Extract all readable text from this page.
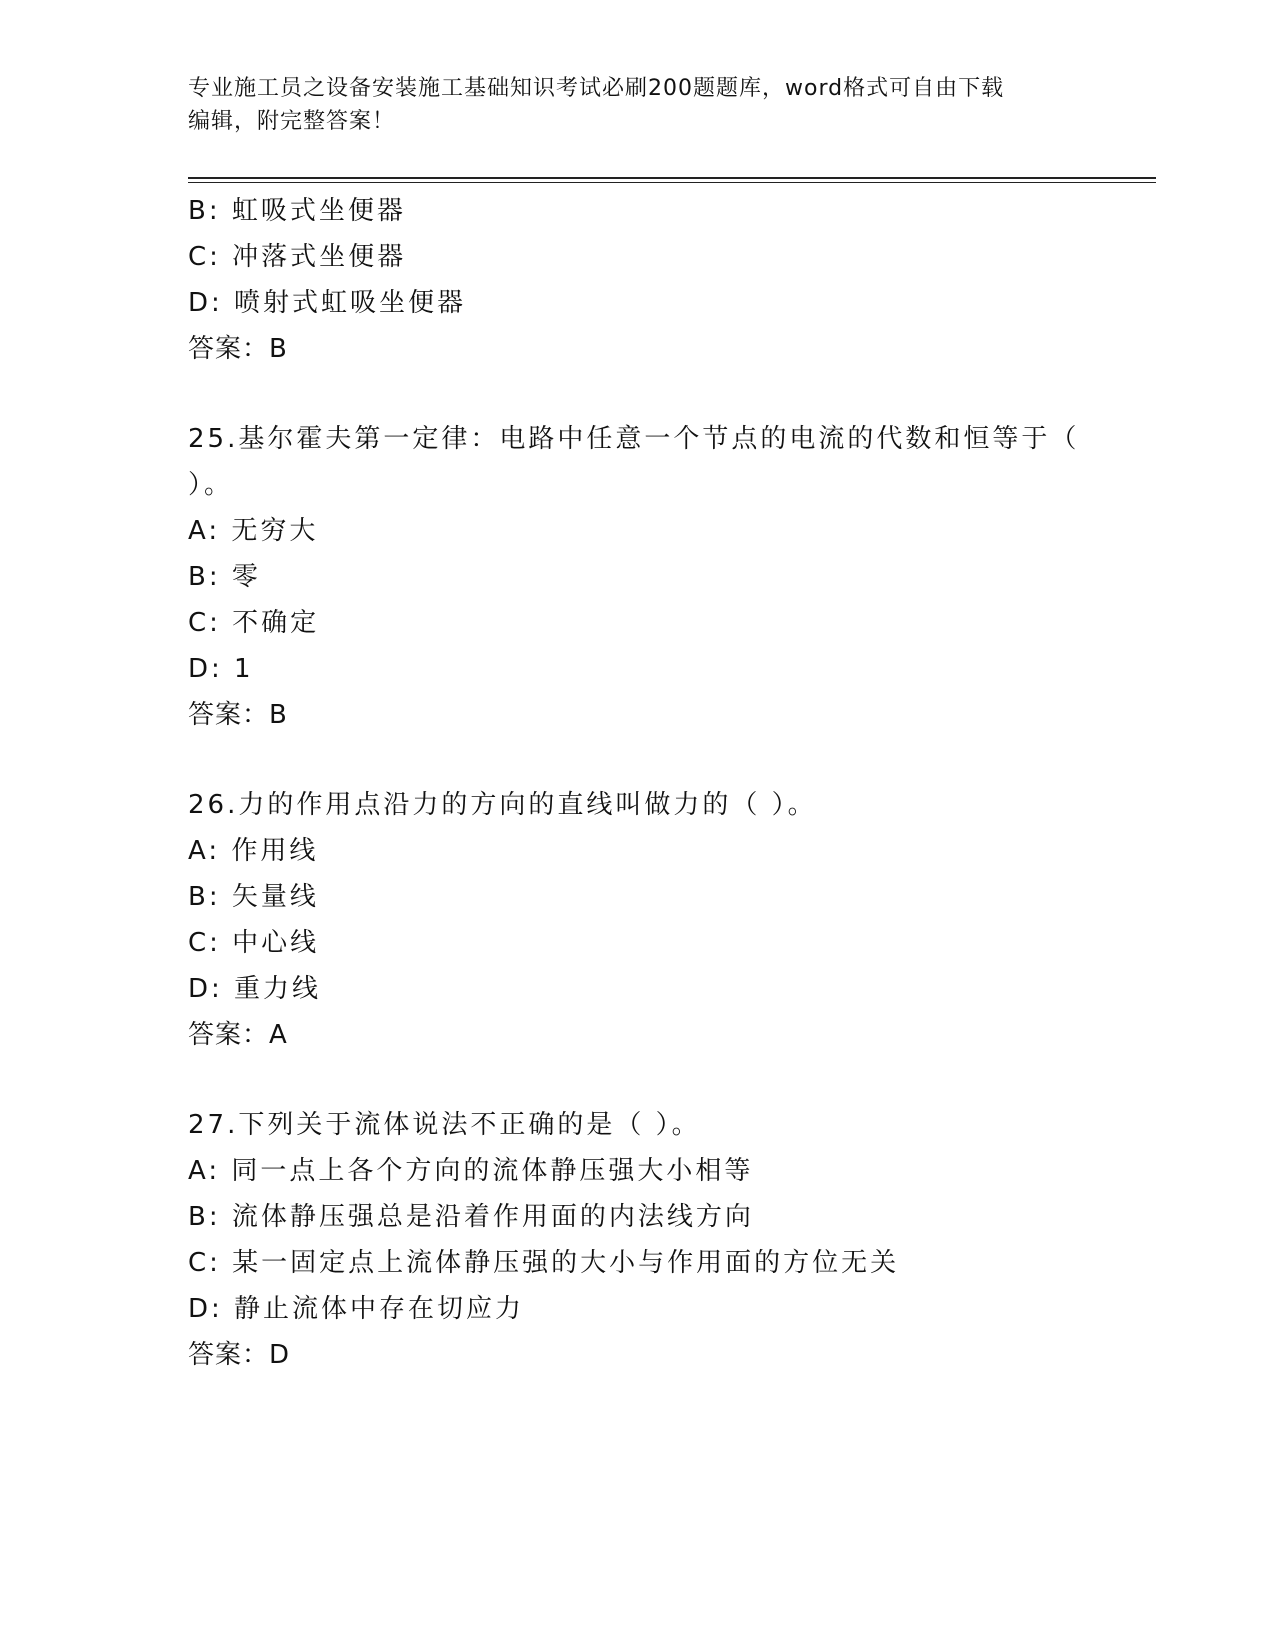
专业施工员之设备安装施工基础知识考试必刷200题题库，word格式可自由下载
编辑，附完整答案！
B: 虹吸式坐便器
C: 冲落式坐便器
D: 喷射式虹吸坐便器
答案：B
25.基尔霍夫第一定律：电路中任意一个节点的电流的代数和恒等于（ ）。
A: 无穷大
B: 零
C: 不确定
D: 1
答案：B
26.力的作用点沿力的方向的直线叫做力的（ ）。
A: 作用线
B: 矢量线
C: 中心线
D: 重力线
答案：A
27.下列关于流体说法不正确的是（ ）。
A: 同一点上各个方向的流体静压强大小相等
B: 流体静压强总是沿着作用面的内法线方向
C: 某一固定点上流体静压强的大小与作用面的方位无关
D: 静止流体中存在切应力
答案：D
